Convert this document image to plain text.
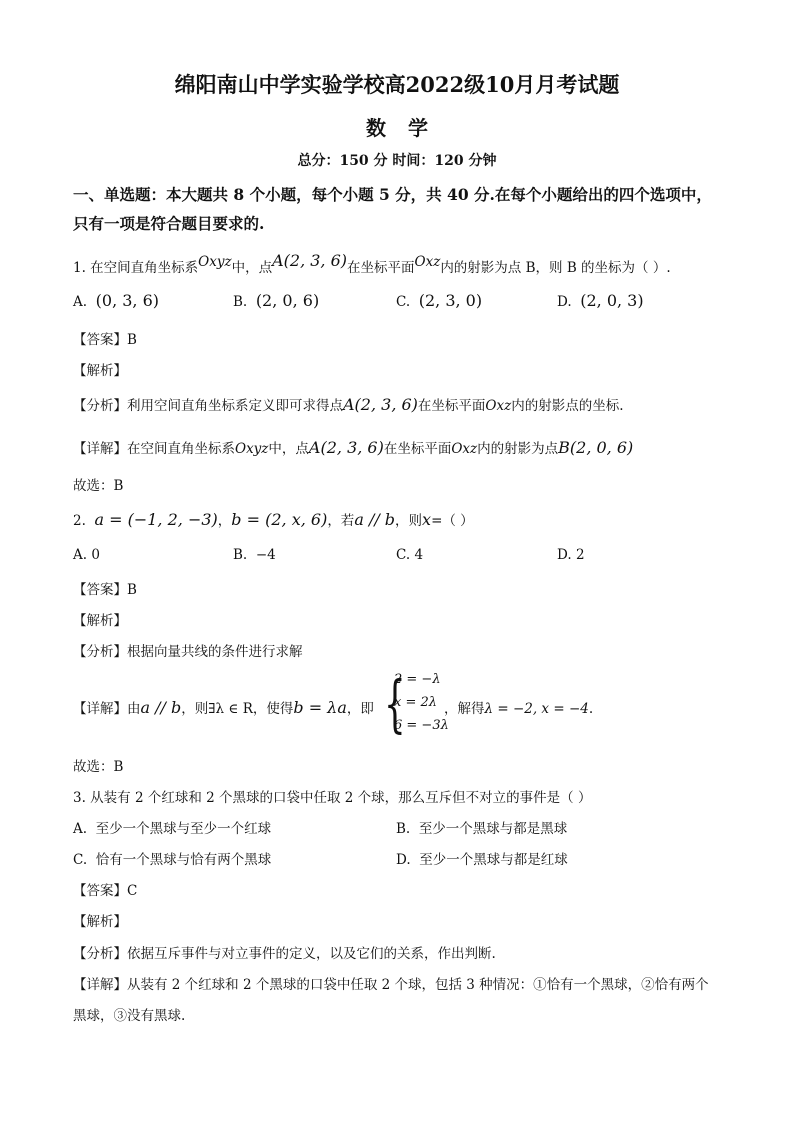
绵阳南山中学实验学校高2022级10月月考试题
数学
总分：150 分 时间：120 分钟
一、单选题：本大题共 8 个小题，每个小题 5 分，共 40 分.在每个小题给出的四个选项中，
只有一项是符合题目要求的.
1. 在空间直角坐标系Oxyz中，点A(2, 3, 6)在坐标平面Oxz内的射影为点 B，则 B 的坐标为（ ）.
A. (0, 3, 6)	B. (2, 0, 6)	C. (2, 3, 0)	D. (2, 0, 3)
【答案】B
【解析】
【分析】利用空间直角坐标系定义即可求得点A(2, 3, 6)在坐标平面Oxz内的射影点的坐标.
【详解】在空间直角坐标系Oxyz中，点A(2, 3, 6)在坐标平面Oxz内的射影为点B(2, 0, 6)
故选：B
2. a = (−1, 2, −3)，b = (2, x, 6)，若a // b，则x=（ ）
A. 0	B. −4	C. 4	D. 2
【答案】B
【解析】
【分析】根据向量共线的条件进行求解
【详解】由a // b，则∃λ ∈ R，使得b = λa，即 {
2 = −λ
x = 2λ
6 = −3λ
，解得λ = −2, x = −4.
故选：B
3. 从装有 2 个红球和 2 个黑球的口袋中任取 2 个球，那么互斥但不对立的事件是（ ）
A. 至少一个黑球与至少一个红球	B. 至少一个黑球与都是黑球
C. 恰有一个黑球与恰有两个黑球	D. 至少一个黑球与都是红球
【答案】C
【解析】
【分析】依据互斥事件与对立事件的定义，以及它们的关系，作出判断.
【详解】从装有 2 个红球和 2 个黑球的口袋中任取 2 个球，包括 3 种情况：①恰有一个黑球，②恰有两个
黑球，③没有黑球.
